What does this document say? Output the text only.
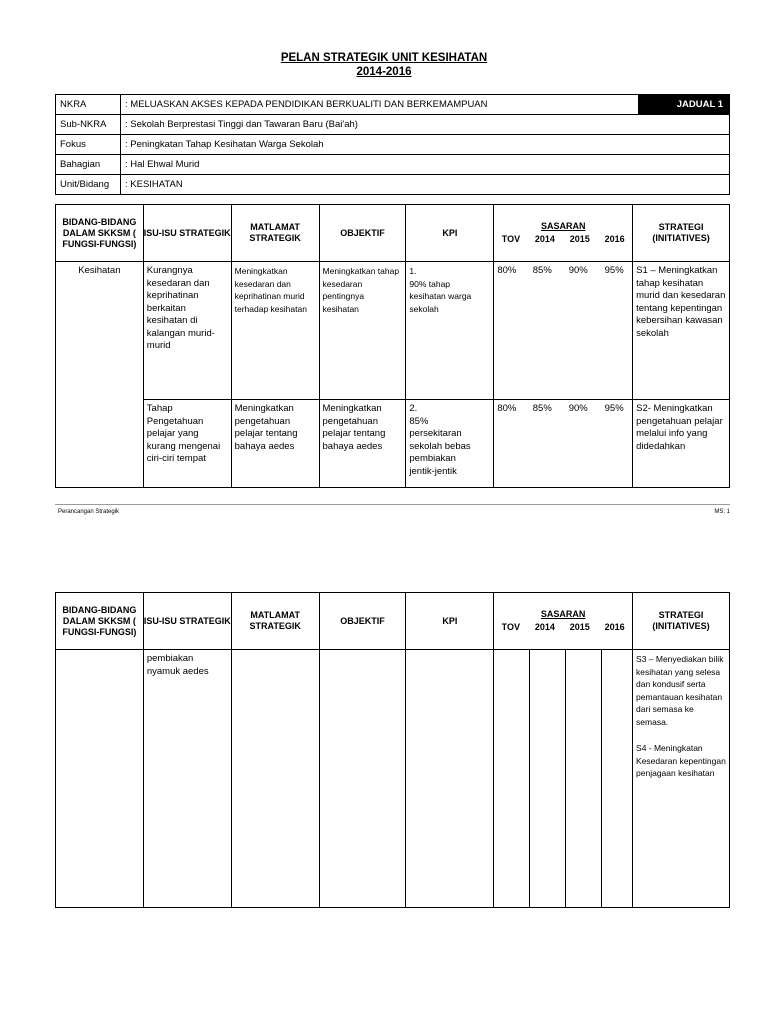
PELAN STRATEGIK UNIT KESIHATAN
2014-2016
NKRA	: MELUASKAN AKSES KEPADA PENDIDIKAN BERKUALITI DAN BERKEMAMPUAN	JADUAL 1
Sub-NKRA	: Sekolah Berprestasi Tinggi dan Tawaran Baru (Bai'ah)	
Fokus	: Peningkatan Tahap Kesihatan Warga Sekolah	
Bahagian	: Hal Ehwal Murid	
Unit/Bidang	: KESIHATAN	
BIDANG-BIDANG DALAM SKKSM ( FUNGSI-FUNGSI)	ISU-ISU STRATEGIK	MATLAMAT STRATEGIK	OBJEKTIF	KPI	SASARAN
TOV 2014 2015 2016				STRATEGI (INITIATIVES)
Kesihatan	Kurangnya kesedaran dan keprihatinan berkaitan kesihatan di kalangan murid-murid	Meningkatkan kesedaran dan keprihatinan murid terhadap kesihatan	Meningkatkan tahap kesedaran pentingnya kesihatan	1.90% tahap kesihatan warga sekolah	80%	85%	90%	95%	S1 – Meningkatkan tahap kesihatan murid dan kesedaran tentang kepentingan kebersihan kawasan sekolah
	Tahap Pengetahuan pelajar yang kurang mengenai ciri-ciri tempat	Meningkatkan pengetahuan pelajar tentang bahaya aedes	Meningkatkan pengetahuan pelajar tentang bahaya aedes	2.85% persekitaran sekolah bebas pembiakan jentik-jentik	80%	85%	90%	95%	S2- Meningkatkan pengetahuan pelajar melalui info yang didedahkan
Perancangan Strategik	MS: 1
BIDANG-BIDANG DALAM SKKSM ( FUNGSI-FUNGSI)	ISU-ISU STRATEGIK	MATLAMAT STRATEGIK	OBJEKTIF	KPI	SASARAN
TOV 2014 2015 2016				STRATEGI (INITIATIVES)
	pembiakan nyamuk aedes								S3 – Menyediakan bilik kesihatan yang selesa dan kondusif serta pemantauan kesihatan dari semasa ke semasa.
S4 - Meningkatan Kesedaran kepentingan penjagaan kesihatan
